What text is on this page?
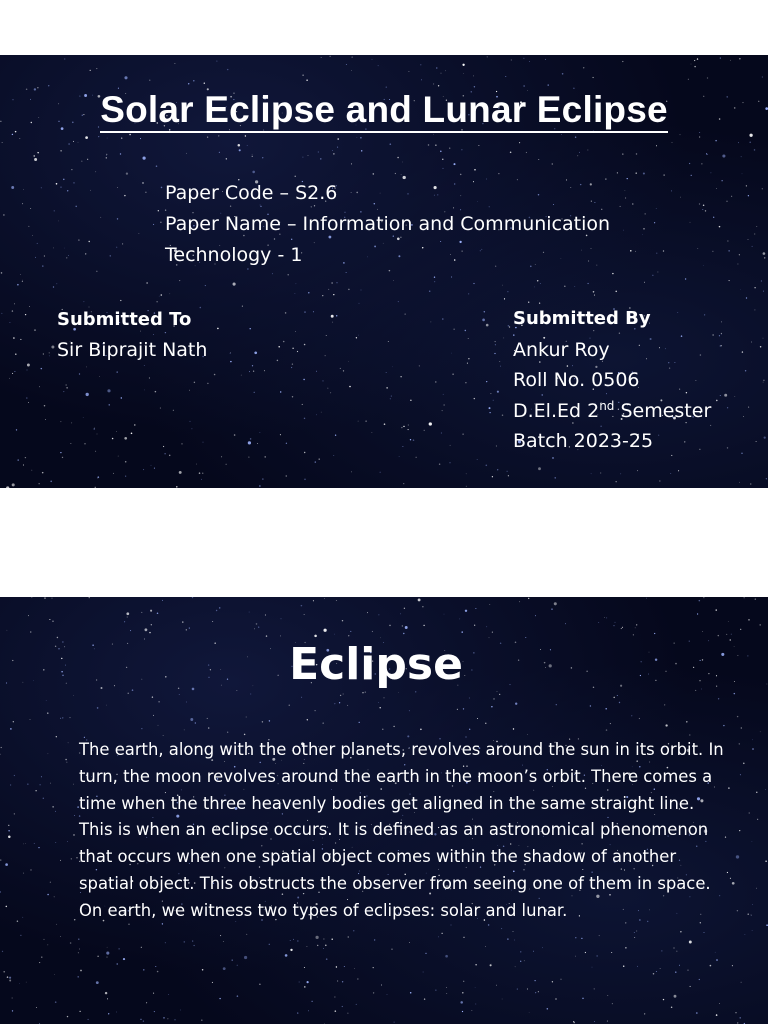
Solar Eclipse and Lunar Eclipse
Paper Code – S2.6
Paper Name – Information and Communication
Technology - 1
Submitted To
Sir Biprajit Nath
Submitted By
Ankur Roy
Roll No. 0506
D.El.Ed 2nd Semester
Batch 2023-25
Eclipse

The earth, along with the other planets, revolves around the sun in its orbit. In turn, the moon revolves around the earth in the moon’s orbit. There comes a time when the three heavenly bodies get aligned in the same straight line. This is when an eclipse occurs. It is defined as an astronomical phenomenon that occurs when one spatial object comes within the shadow of another spatial object. This obstructs the observer from seeing one of them in space. On earth, we witness two types of eclipses: solar and lunar.
